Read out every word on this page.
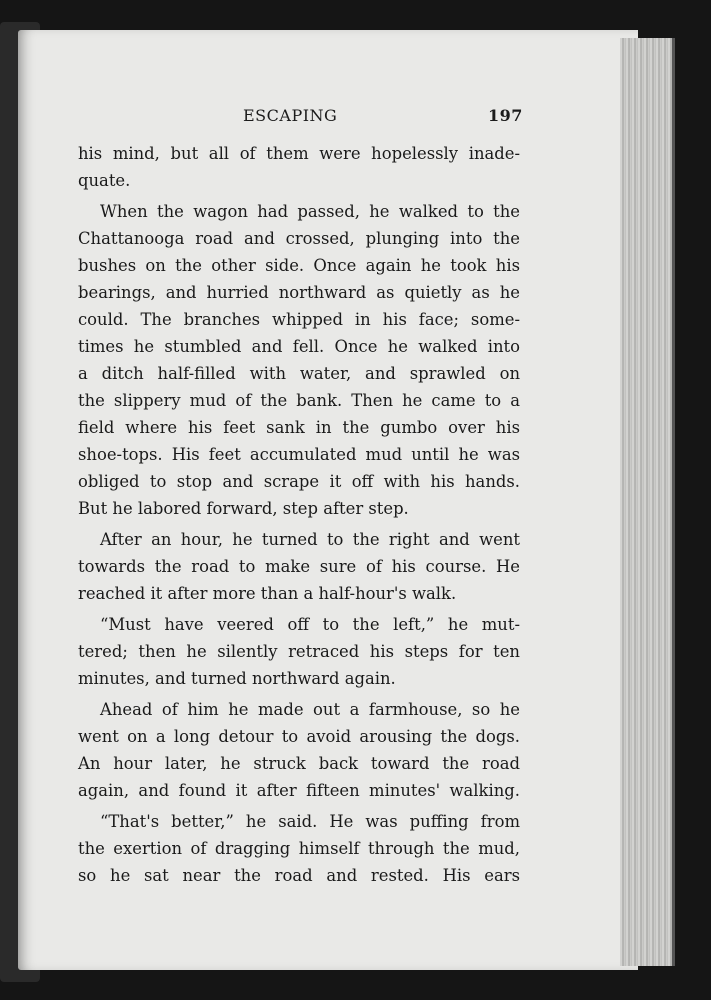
ESCAPING	197
his mind, but all of them were hopelessly inade-
quate.
When the wagon had passed, he walked to the
Chattanooga road and crossed, plunging into the
bushes on the other side. Once again he took his
bearings, and hurried northward as quietly as he
could. The branches whipped in his face; some-
times he stumbled and fell. Once he walked into
a ditch half-filled with water, and sprawled on
the slippery mud of the bank. Then he came to a
field where his feet sank in the gumbo over his
shoe-tops. His feet accumulated mud until he was
obliged to stop and scrape it off with his hands.
But he labored forward, step after step.
After an hour, he turned to the right and went
towards the road to make sure of his course. He
reached it after more than a half-hour's walk.
“Must have veered off to the left,” he mut-
tered; then he silently retraced his steps for ten
minutes, and turned northward again.
Ahead of him he made out a farmhouse, so he
went on a long detour to avoid arousing the dogs.
An hour later, he struck back toward the road
again, and found it after fifteen minutes' walking.
“That's better,” he said. He was puffing from
the exertion of dragging himself through the mud,
so he sat near the road and rested. His ears
